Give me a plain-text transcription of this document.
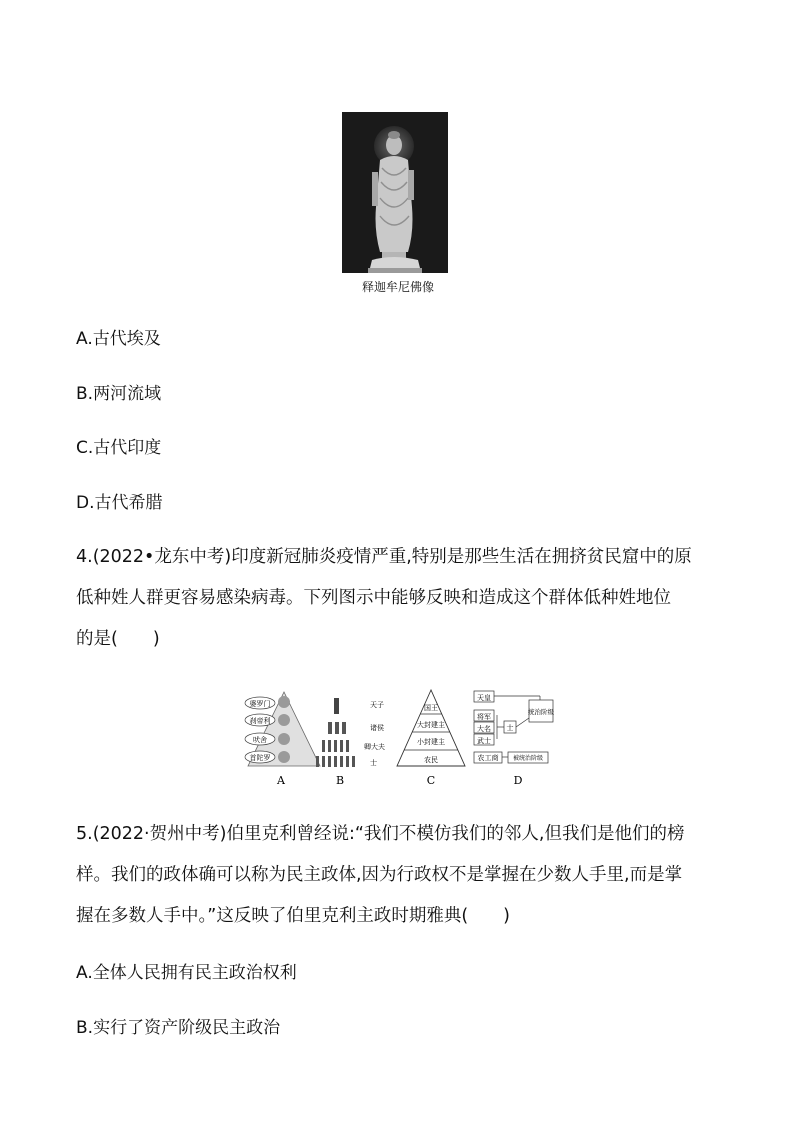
释迦牟尼佛像
A.古代埃及
B.两河流域
C.古代印度
D.古代希腊
4.(2022•龙东中考)印度新冠肺炎疫情严重,特别是那些生活在拥挤贫民窟中的原
低种姓人群更容易感染病毒。下列图示中能够反映和造成这个群体低种姓地位
的是(　　)
婆罗门
刹帝利
吠舍
首陀罗
A
天子
诸侯
卿大夫
士
B
国王
大封建主
小封建主
农民
C
天皇
将军
大名
武士
士
统治阶级
农工商 被统治阶级
D
5.(2022·贺州中考)伯里克利曾经说:“我们不模仿我们的邻人,但我们是他们的榜
样。我们的政体确可以称为民主政体,因为行政权不是掌握在少数人手里,而是掌
握在多数人手中。”这反映了伯里克利主政时期雅典(　　)
A.全体人民拥有民主政治权利
B.实行了资产阶级民主政治
